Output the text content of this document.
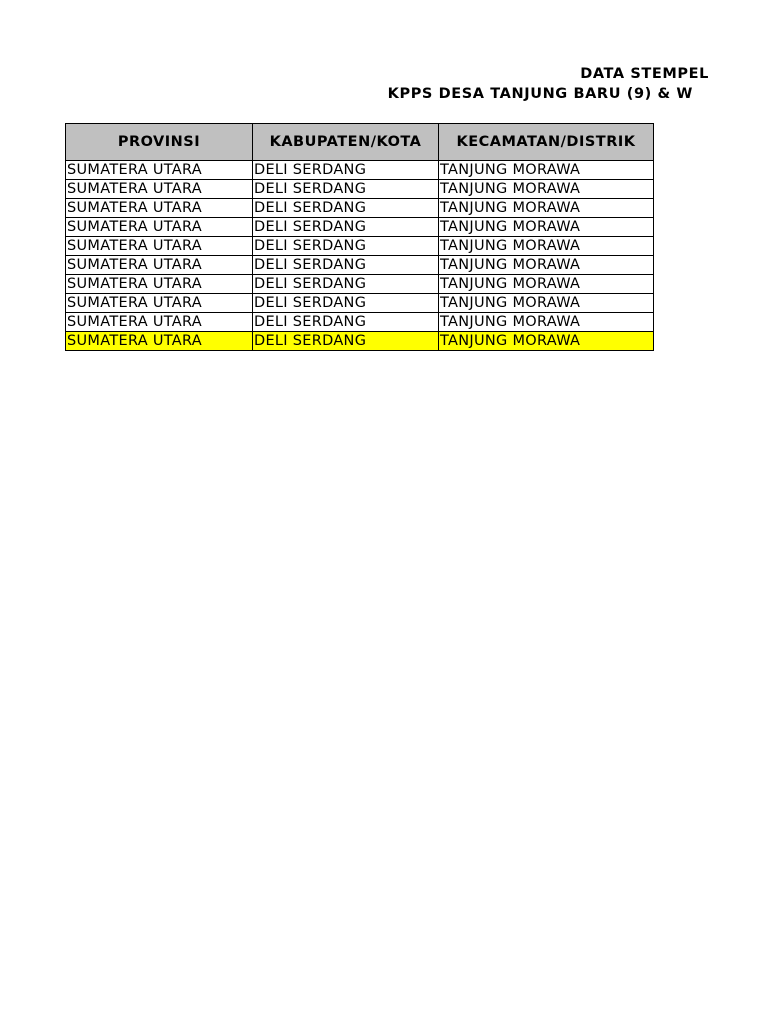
DATA STEMPEL
KPPS DESA TANJUNG BARU (9) & W
PROVINSI	KABUPATEN/KOTA	KECAMATAN/DISTRIK
SUMATERA UTARA	DELI SERDANG	TANJUNG MORAWA
SUMATERA UTARA	DELI SERDANG	TANJUNG MORAWA
SUMATERA UTARA	DELI SERDANG	TANJUNG MORAWA
SUMATERA UTARA	DELI SERDANG	TANJUNG MORAWA
SUMATERA UTARA	DELI SERDANG	TANJUNG MORAWA
SUMATERA UTARA	DELI SERDANG	TANJUNG MORAWA
SUMATERA UTARA	DELI SERDANG	TANJUNG MORAWA
SUMATERA UTARA	DELI SERDANG	TANJUNG MORAWA
SUMATERA UTARA	DELI SERDANG	TANJUNG MORAWA
SUMATERA UTARA	DELI SERDANG	TANJUNG MORAWA
